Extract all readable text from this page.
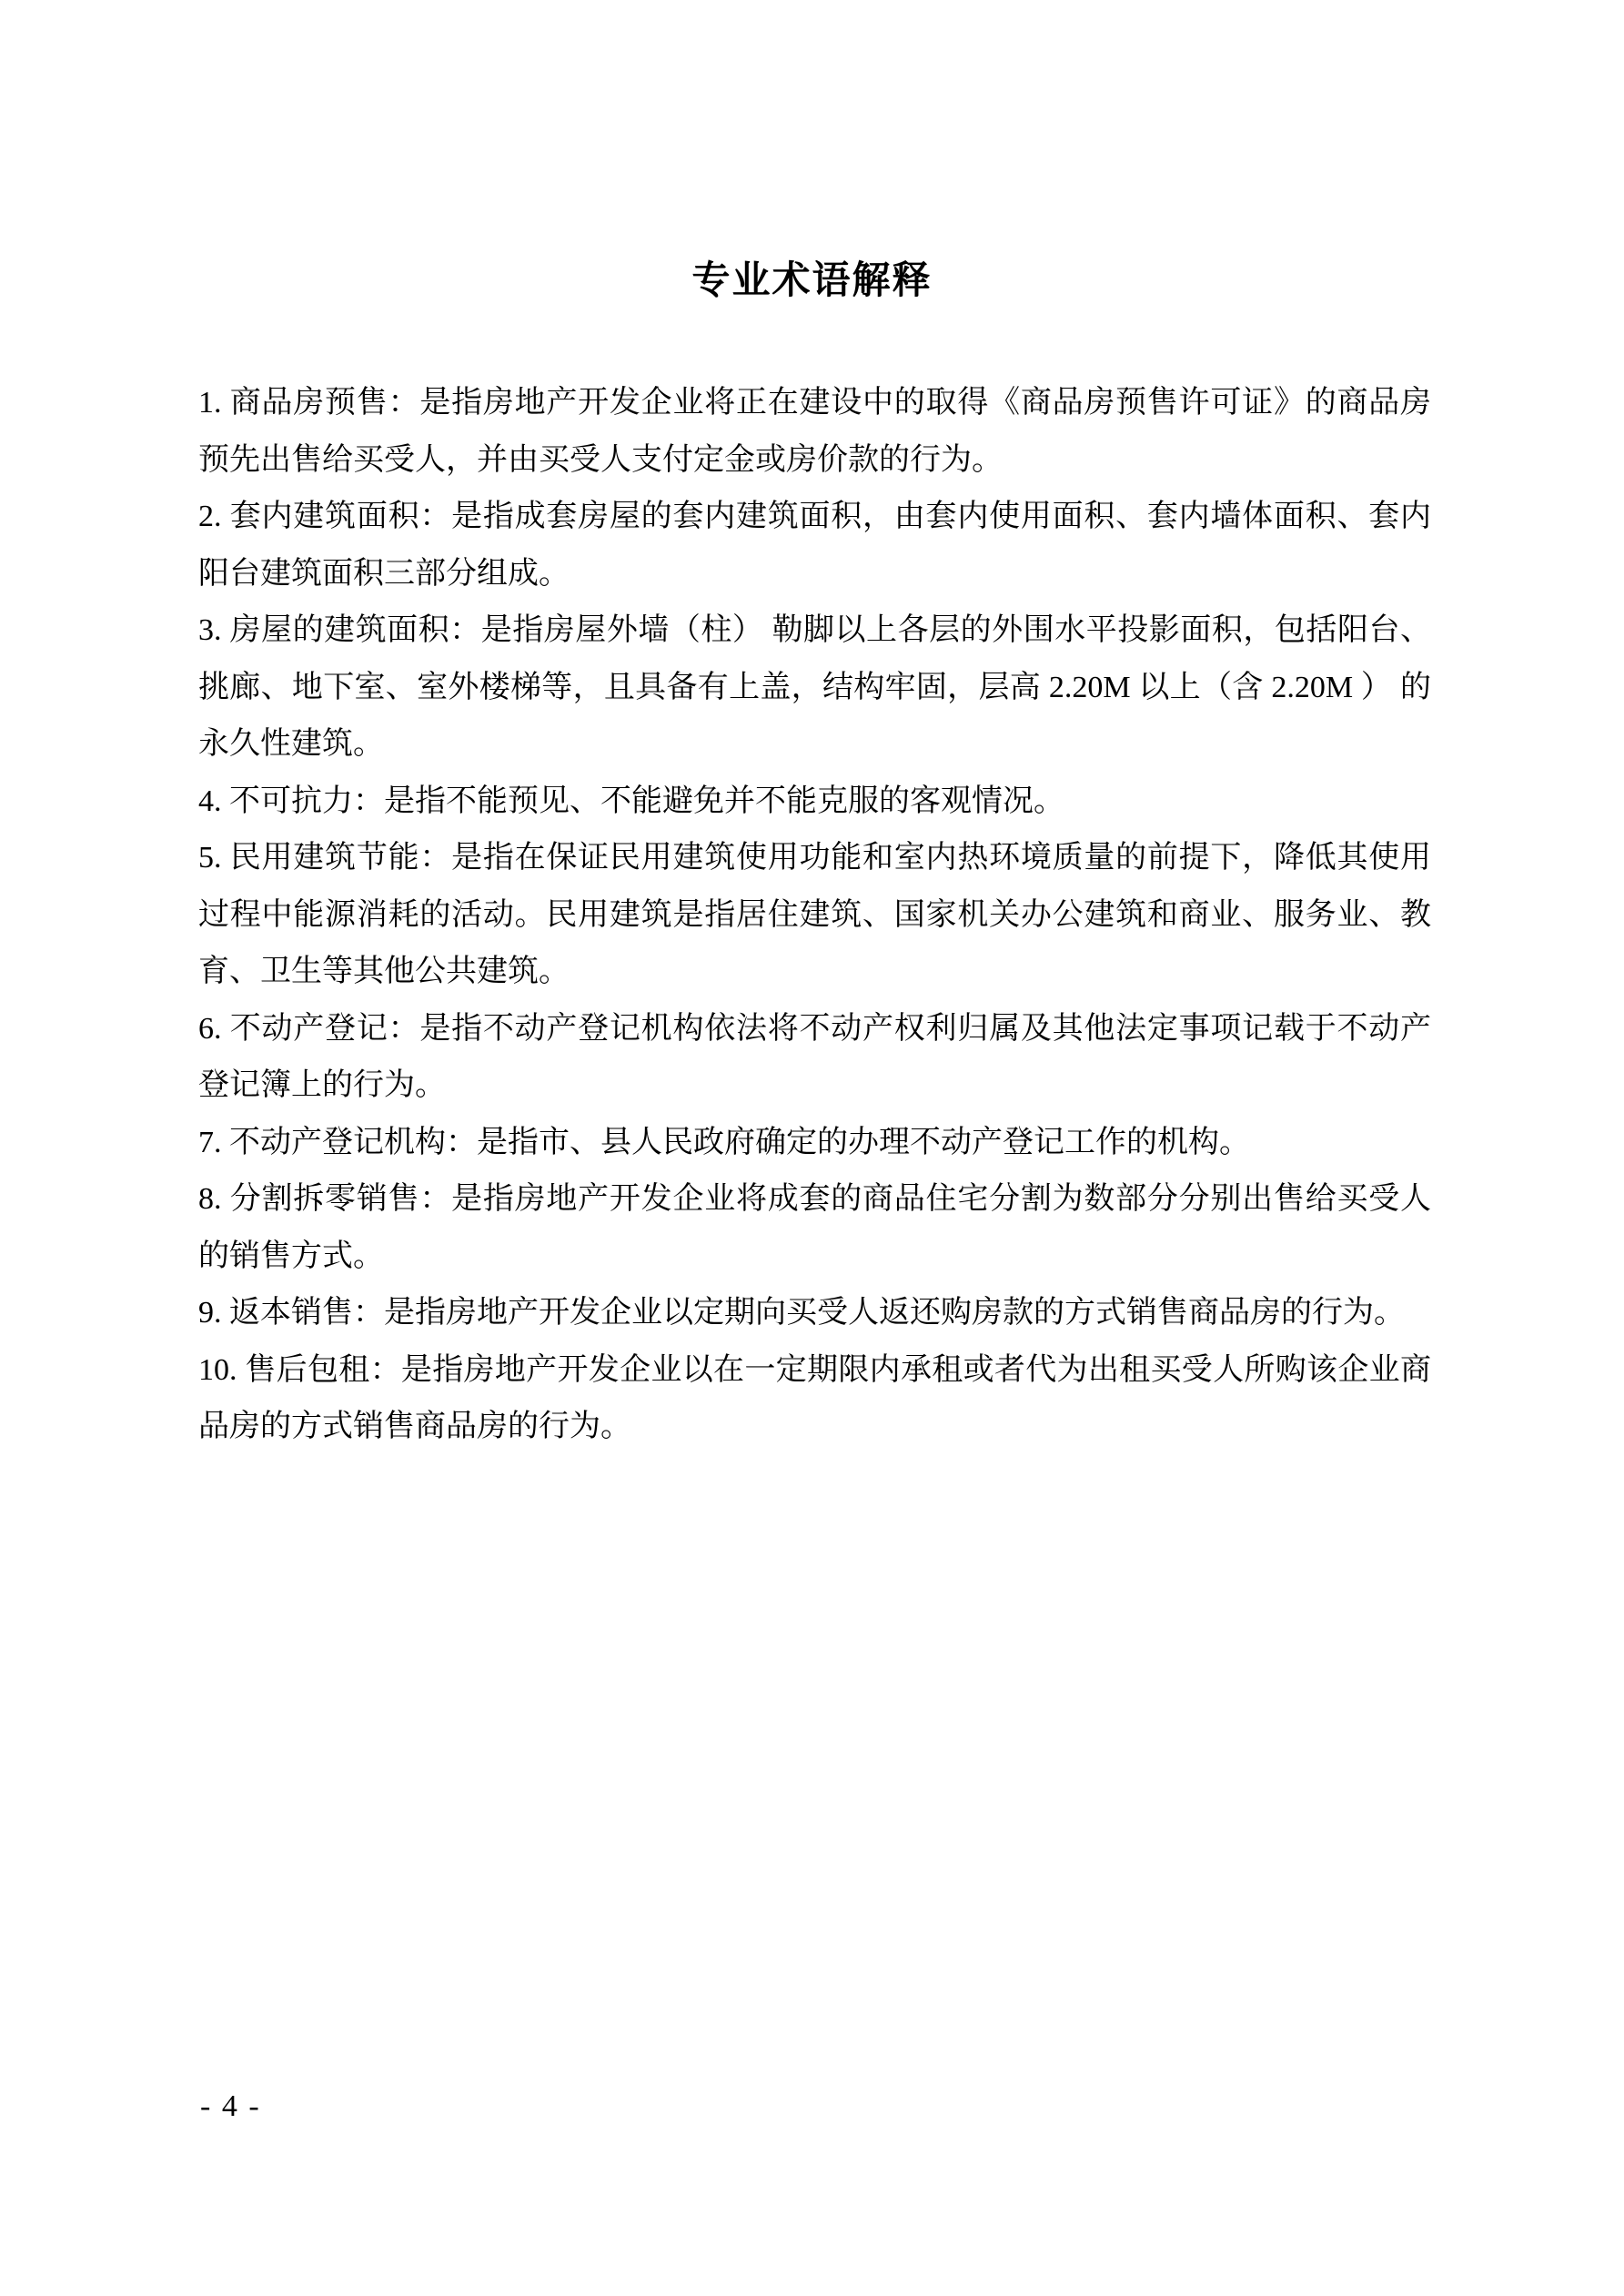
专业术语解释

1. 商品房预售：是指房地产开发企业将正在建设中的取得《商品房预售许可证》的商品房预先出售给买受人，并由买受人支付定金或房价款的行为。

2. 套内建筑面积：是指成套房屋的套内建筑面积，由套内使用面积、套内墙体面积、套内阳台建筑面积三部分组成。

3. 房屋的建筑面积：是指房屋外墙（柱） 勒脚以上各层的外围水平投影面积，包括阳台、挑廊、地下室、室外楼梯等，且具备有上盖，结构牢固，层高 2.20M 以上（含 2.20M ） 的永久性建筑。

4. 不可抗力：是指不能预见、不能避免并不能克服的客观情况。

5. 民用建筑节能：是指在保证民用建筑使用功能和室内热环境质量的前提下，降低其使用过程中能源消耗的活动。民用建筑是指居住建筑、国家机关办公建筑和商业、服务业、教育、卫生等其他公共建筑。

6. 不动产登记：是指不动产登记机构依法将不动产权利归属及其他法定事项记载于不动产登记簿上的行为。

7. 不动产登记机构：是指市、县人民政府确定的办理不动产登记工作的机构。

8. 分割拆零销售：是指房地产开发企业将成套的商品住宅分割为数部分分别出售给买受人的销售方式。

9. 返本销售：是指房地产开发企业以定期向买受人返还购房款的方式销售商品房的行为。

10. 售后包租：是指房地产开发企业以在一定期限内承租或者代为出租买受人所购该企业商品房的方式销售商品房的行为。

- 4 -
